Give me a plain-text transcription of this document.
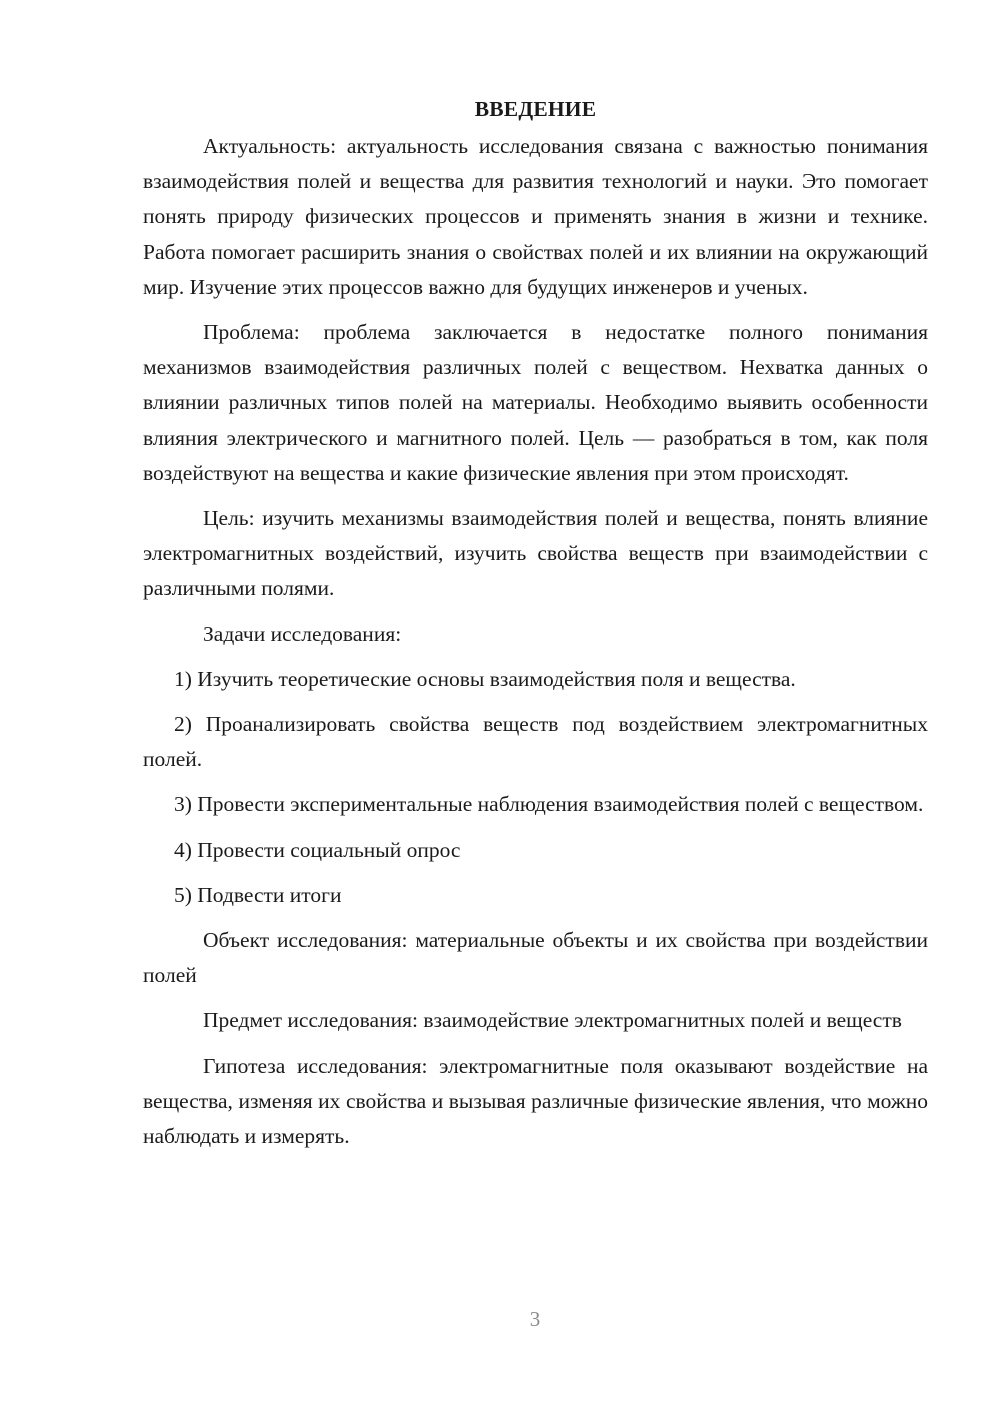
ВВЕДЕНИЕ

Актуальность: актуальность исследования связана с важностью понимания взаимодействия полей и вещества для развития технологий и науки. Это помогает понять природу физических процессов и применять знания в жизни и технике. Работа помогает расширить знания о свойствах полей и их влиянии на окружающий мир. Изучение этих процессов важно для будущих инженеров и ученых.

Проблема: проблема заключается в недостатке полного понимания механизмов взаимодействия различных полей с веществом. Нехватка данных о влиянии различных типов полей на материалы. Необходимо выявить особенности влияния электрического и магнитного полей. Цель — разобраться в том, как поля воздействуют на вещества и какие физические явления при этом происходят.

Цель: изучить механизмы взаимодействия полей и вещества, понять влияние электромагнитных воздействий, изучить свойства веществ при взаимодействии с различными полями.

Задачи исследования:

1) Изучить теоретические основы взаимодействия поля и вещества.

2) Проанализировать свойства веществ под воздействием электромагнитных полей.

3) Провести экспериментальные наблюдения взаимодействия полей с веществом.

4) Провести социальный опрос

5) Подвести итоги

Объект исследования: материальные объекты и их свойства при воздействии полей

Предмет исследования: взаимодействие электромагнитных полей и веществ

Гипотеза исследования: электромагнитные поля оказывают воздействие на вещества, изменяя их свойства и вызывая различные физические явления, что можно наблюдать и измерять.

3
